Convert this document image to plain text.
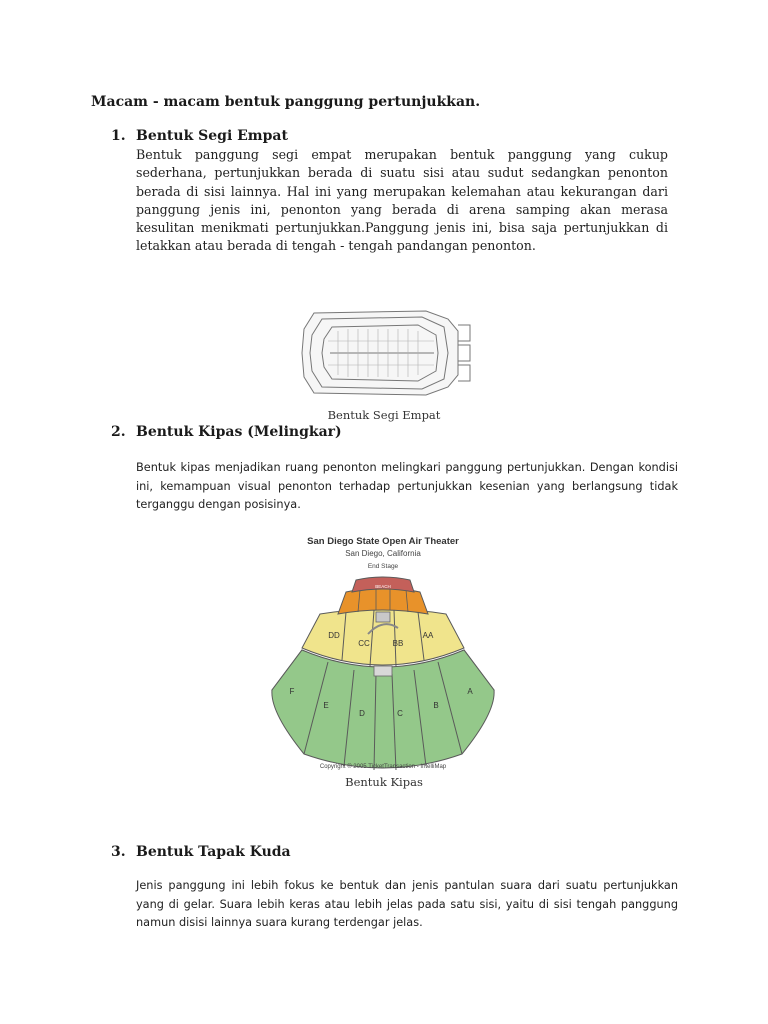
Macam - macam bentuk panggung pertunjukkan.
1. Bentuk Segi Empat
Bentuk panggung segi empat merupakan bentuk panggung yang cukup sederhana, pertunjukkan berada di suatu sisi atau sudut sedangkan penonton berada di sisi lainnya. Hal ini yang merupakan kelemahan atau kekurangan dari panggung jenis ini, penonton yang berada di arena samping akan merasa kesulitan menikmati pertunjukkan.Panggung jenis ini, bisa saja pertunjukkan di letakkan atau berada di tengah - tengah pandangan penonton.
Bentuk Segi Empat
2. Bentuk Kipas (Melingkar)
Bentuk kipas menjadikan ruang penonton melingkari panggung pertunjukkan. Dengan kondisi ini, kemampuan visual penonton terhadap pertunjukkan kesenian yang berlangsung tidak terganggu dengan posisinya.
San Diego State Open Air Theater
San Diego, California
End Stage
BEACH
DD
CC	BB
AA
F
E
D	C
B
A
Copyright © 2005 TicketTransaction - IntelliMap
Bentuk Kipas
3. Bentuk Tapak Kuda
Jenis panggung ini lebih fokus ke bentuk dan jenis pantulan suara dari suatu pertunjukkan yang di gelar. Suara lebih keras atau lebih jelas pada satu sisi, yaitu di sisi tengah panggung namun disisi lainnya suara kurang terdengar jelas.
